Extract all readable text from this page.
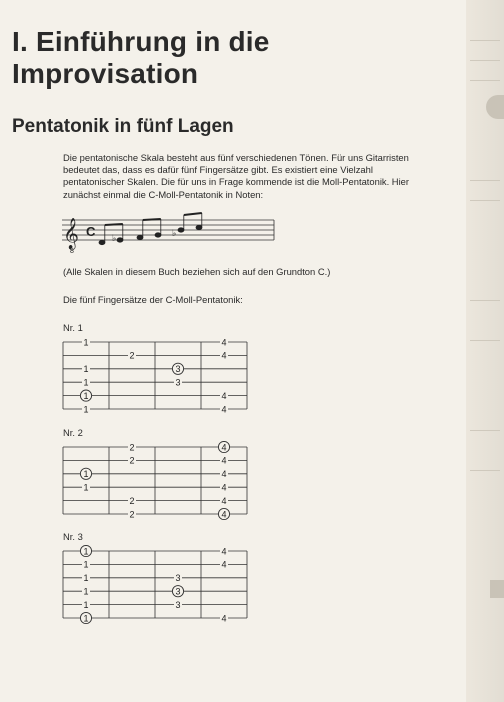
I. Einführung in die
Improvisation
Pentatonik in fünf Lagen

Die pentatonische Skala besteht aus fünf verschiedenen Tönen. Für uns Gitarristen bedeutet das, dass es dafür fünf Fingersätze gibt. Es existiert eine Vielzahl pentatonischer Skalen. Die für uns in Frage kommende ist die Moll-Pentatonik. Hier zunächst einmal die C-Moll-Pentatonik in Noten:

𝄞
8
C ♭	♭

(Alle Skalen in diesem Buch beziehen sich auf den Grundton C.)

Die fünf Fingersätze der C-Moll-Pentatonik:

Nr. 1
1	4
2	4
1	3
1	3
1	4
1	4
Nr. 2
2	4
2	4
1	4
1	4
2	4
2	4
Nr. 3
1	4
1	4
1	3
1	3
1	3
1	4
